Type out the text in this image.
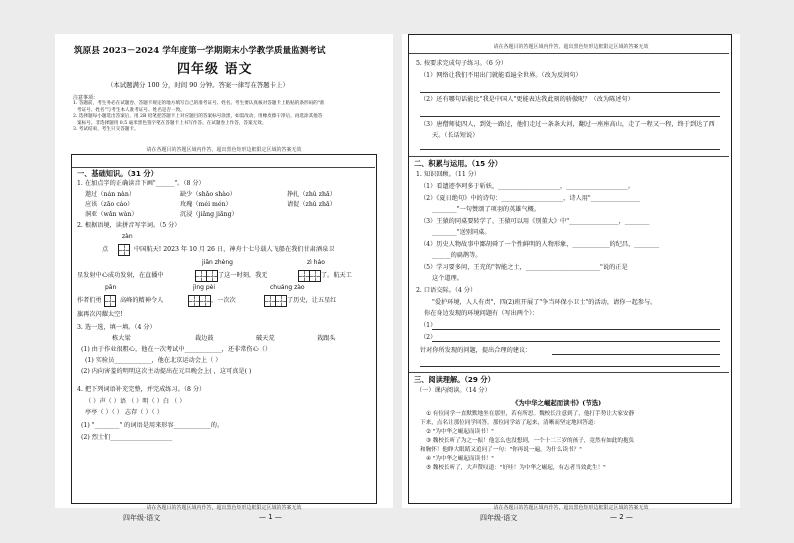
筑原县 2023－2024 学年度第一学期期末小学教学质量监测考试
四年级 语文
（本试题满分 100 分，时间 90 分钟。答案一律写在答题卡上）
注意事项：
1. 答题前，考生务必在试题卷、答题卡规定的地方填写自己的准考证号、姓名。考生要认真核对答题卡上粘贴的条形码的"准
考证号、姓名"与考生本人准考证号、姓名是否一致。
2. 选择题每小题选出答案后，用 2B 铅笔把答题卡上对应题目的答案标号涂黑，如需改动，用橡皮擦干净后，再选涂其他答
案标号。非选择题用 0.5 毫米黑色签字笔在答题卡上书写作答。在试题卷上作答，答案无效。
3. 考试结束，考生只交答题卡。
请在各题目的答题区域内作答，超出黑色矩形边框限定区域的答案无效
请在各题目的答题区域内作答，超出黑色矩形边框限定区域的答案无效
一、基础知识。（31 分）
1. 在加点字的正确读音下画"______"。（8 分）
遨过（nán nàn）	缺少（shǎo shào）	挣扎（zhǔ zhā）
应该（zāo cáo）	玫瑰（méi mén）	请促（zhǔ zhā）
洞亚（wǎn wàn）	沉浸（jiǎng jiāng）
2. 根据语境，读拼音写字词。（5 分）
zàn
点	中国航天! 2023 年 10 月 26 日，神舟十七号载人飞船在我们甘肃酒泉卫
jiān zhèng	zì háo
星发射中心成功发射，在直播中	了这一时刻，我无	了。航天工
pān	jìng pèi	chuáng zào
作者们勇	高峰的精神令人	，一次次	了历史，让五星红
旗再次闪耀太空!
3. 选一选，填一填。（4 分）
栋大梁	裁边鼓	破天荒	栽跟头
(1) 由于作业很粗心，他在一次考试中____________，还非常伤心（）
(1) 实验员____________，他在北京运动会上（ ）
(2) 内向害羞的明明这次主动提出在元旦晚会上( ，这可真是( )
4. 把下列词语补充完整，并完成练习。（8 分）
（ ）声（ ）语 （ ）明（ ）白 （ ）
亭亭（ ）（ ） 志存（ ）（ ）
(1) "________" 的词语是用来形容____________的。
(2) 烈士们____________________
四年级·语文	— 1 —
请在各题目的答题区域内作答，超出黑色矩形边框限定区域的答案无效
5. 按要求完成句子练习。（6 分）
（1）网络让我们不用出门就能看遍全世界。（改为反问句）
（2）还有哪句话能比"我是中国人"更能表达我此刻的骄傲呢？（改为陈述句）
（3）唐僧师徒四人，到处一路过，他们走过一条条大河，翻过一座座高山，走了一程又一程，终于到达了西
天。（长话短说）
二、积累与运用。（15 分）
1. 知识回顾。（11 分）
（1）看遗迹李珂多于斩妖，____________________，____________________。
（2）《夏日绝句》中的诗句：____________________，诗人用"________________
________"一句赞颂了项羽的英雄气概。
（3）王猿的同桌要转学了，王猿可以用《别董大》中"________________，________
________"送别同桌。
（4）历史人物故事中鄙胡舜了一个性鲜明的人物形象，____________的纪昌，________
______的扁鹊等。
（5）学习要多问，王充的"智能之士，________________________"说的正是
这个道理。
2. 口语交际。（4 分）
"爱护环境，人人有责"，四(2)班开展了"争当环保小卫士"的活动，请你一起参与。
你在身边发现的环境问题有（写出两个）：
（1）
（2）
针对你所发现的问题，提出合理的建议：
三、阅读理解。（29 分）
（一）课内阅读。（14 分）
《为中华之崛起而读书》(节选)
① 有位同学一直默默地坐在那里，若有所思。魏校长注意到了，他打手势让大家安静
下来，点名让那位同学回答。那位同学站了起来，清晰而坚定地回答道：
② "为中华之崛起而读书！"
③ 魏校长听了为之一振！他怎么也没想到，一个十二三岁的孩子，竟然有如此的抱负
和胸怀！他睁大眼睛又追问了一句："你再说一遍，为什么读书？"
④ "为中华之崛起而读书！"
⑤ 魏校长听了，大声赞叹道："好哇！为中华之崛起，有志者当效此生！"
请在各题目的答题区域内作答，超出黑色矩形边框限定区域的答案无效
四年级·语文	— 2 —
